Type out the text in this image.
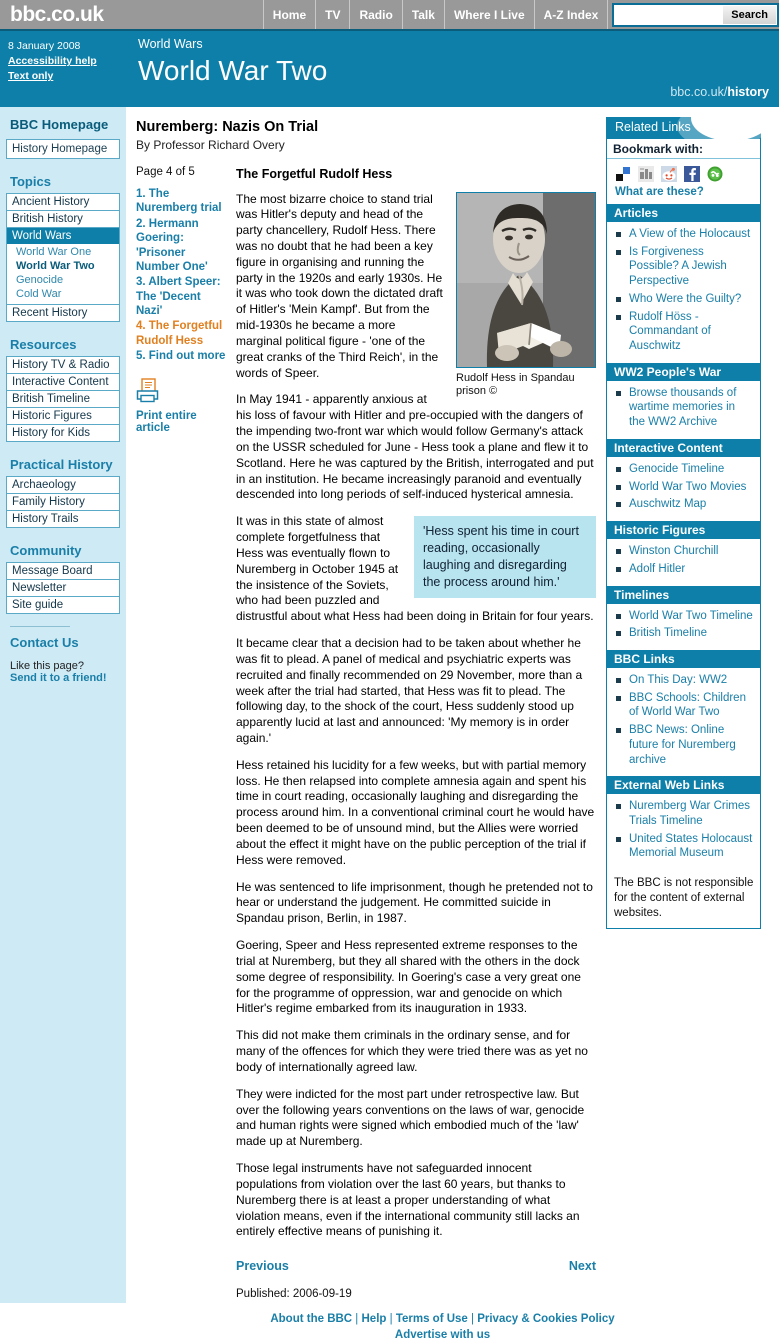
bbc.co.uk	Home	TV	Radio	Talk	Where I Live	A-Z Index	Search
8 January 2008
Accessibility help
Text only
World Wars
World War Two
bbc.co.uk/history
BBC Homepage
History Homepage
Topics
Ancient History
British History
World Wars
World War One
World War Two
Genocide
Cold War
Recent History
Resources
History TV & Radio
Interactive Content
British Timeline
Historic Figures
History for Kids
Practical History
Archaeology
Family History
History Trails
Community
Message Board
Newsletter
Site guide
Contact Us
Like this page?
Send it to a friend!
Nuremberg: Nazis On Trial
By Professor Richard Overy
Page 4 of 5
1. The Nuremberg trial
2. Hermann Goering: 'Prisoner Number One'
3. Albert Speer: The 'Decent Nazi'
4. The Forgetful Rudolf Hess
5. Find out more
Print entire article
The Forgetful Rudolf Hess
Rudolf Hess in Spandau prison ©

The most bizarre choice to stand trial was Hitler's deputy and head of the party chancellery, Rudolf Hess. There was no doubt that he had been a key figure in organising and running the party in the 1920s and early 1930s. He it was who took down the dictated draft of Hitler's 'Mein Kampf'. But from the mid-1930s he became a more marginal political figure - 'one of the great cranks of the Third Reich', in the words of Speer.

In May 1941 - apparently anxious at his loss of favour with Hitler and pre-occupied with the dangers of the impending two-front war which would follow Germany's attack on the USSR scheduled for June - Hess took a plane and flew it to Scotland. Here he was captured by the British, interrogated and put in an institution. He became increasingly paranoid and eventually descended into long periods of self-induced hysterical amnesia.

'Hess spent his time in court reading, occasionally laughing and disregarding the process around him.'

It was in this state of almost complete forgetfulness that Hess was eventually flown to Nuremberg in October 1945 at the insistence of the Soviets, who had been puzzled and distrustful about what Hess had been doing in Britain for four years.

It became clear that a decision had to be taken about whether he was fit to plead. A panel of medical and psychiatric experts was recruited and finally recommended on 29 November, more than a week after the trial had started, that Hess was fit to plead. The following day, to the shock of the court, Hess suddenly stood up apparently lucid at last and announced: 'My memory is in order again.'

Hess retained his lucidity for a few weeks, but with partial memory loss. He then relapsed into complete amnesia again and spent his time in court reading, occasionally laughing and disregarding the process around him. In a conventional criminal court he would have been deemed to be of unsound mind, but the Allies were worried about the effect it might have on the public perception of the trial if Hess were removed.

He was sentenced to life imprisonment, though he pretended not to hear or understand the judgement. He committed suicide in Spandau prison, Berlin, in 1987.

Goering, Speer and Hess represented extreme responses to the trial at Nuremberg, but they all shared with the others in the dock some degree of responsibility. In Goering's case a very great one for the programme of oppression, war and genocide on which Hitler's regime embarked from its inauguration in 1933.

This did not make them criminals in the ordinary sense, and for many of the offences for which they were tried there was as yet no body of internationally agreed law.

They were indicted for the most part under retrospective law. But over the following years conventions on the laws of war, genocide and human rights were signed which embodied much of the 'law' made up at Nuremberg.

Those legal instruments have not safeguarded innocent populations from violation over the last 60 years, but thanks to Nuremberg there is at least a proper understanding of what violation means, even if the international community still lacks an entirely effective means of punishing it.

Previous	Next
Published: 2006-09-19
Related Links
Bookmark with:
What are these?
Articles
A View of the Holocaust
Is Forgiveness Possible? A Jewish Perspective
Who Were the Guilty?
Rudolf Höss - Commandant of Auschwitz
WW2 People's War
Browse thousands of wartime memories in the WW2 Archive
Interactive Content
Genocide Timeline
World War Two Movies
Auschwitz Map
Historic Figures
Winston Churchill
Adolf Hitler
Timelines
World War Two Timeline
British Timeline
BBC Links
On This Day: WW2
BBC Schools: Children of World War Two
BBC News: Online future for Nuremberg archive
External Web Links
Nuremberg War Crimes Trials Timeline
United States Holocaust Memorial Museum
The BBC is not responsible for the content of external websites.
About the BBC | Help | Terms of Use | Privacy & Cookies Policy
Advertise with us
